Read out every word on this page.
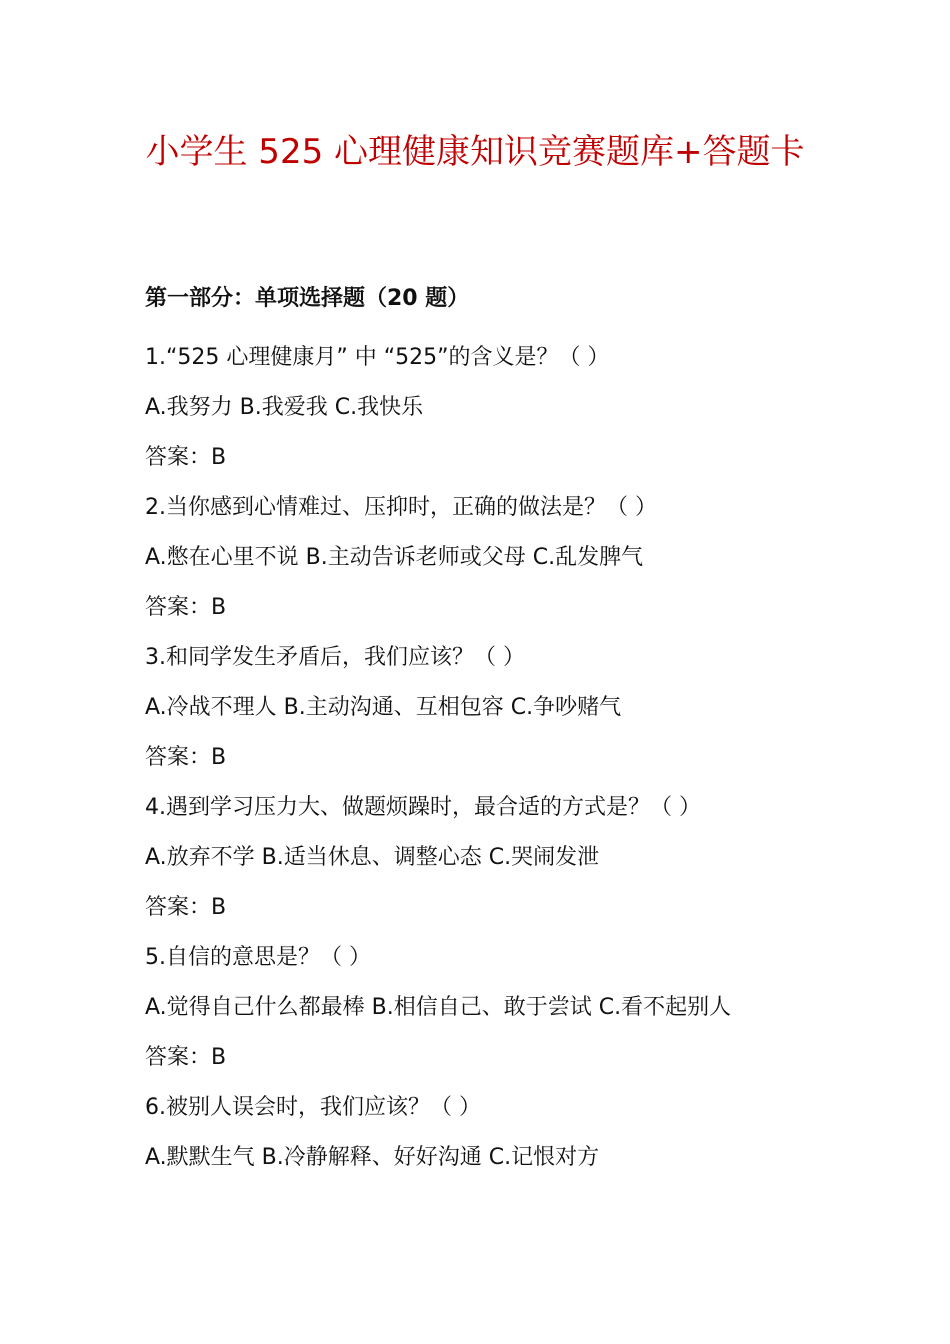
小学生 525 心理健康知识竞赛题库+答题卡
第一部分：单项选择题（20 题）

1.“525 心理健康月” 中 “525”的含义是？（ ）

A.我努力 B.我爱我 C.我快乐

答案：B

2.当你感到心情难过、压抑时，正确的做法是？（ ）

A.憋在心里不说 B.主动告诉老师或父母 C.乱发脾气

答案：B

3.和同学发生矛盾后，我们应该？（ ）

A.冷战不理人 B.主动沟通、互相包容 C.争吵赌气

答案：B

4.遇到学习压力大、做题烦躁时，最合适的方式是？（ ）

A.放弃不学 B.适当休息、调整心态 C.哭闹发泄

答案：B

5.自信的意思是？（ ）

A.觉得自己什么都最棒 B.相信自己、敢于尝试 C.看不起别人

答案：B

6.被别人误会时，我们应该？（ ）

A.默默生气 B.冷静解释、好好沟通 C.记恨对方
